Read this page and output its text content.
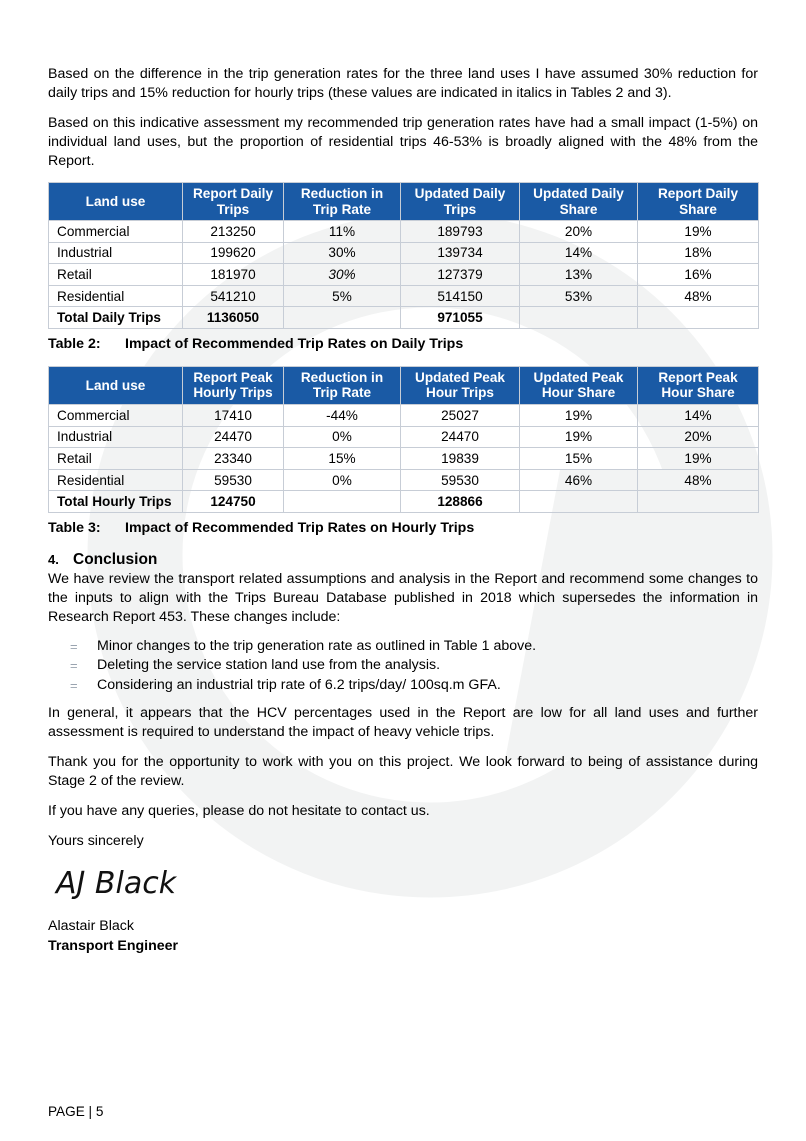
Based on the difference in the trip generation rates for the three land uses I have assumed 30% reduction for daily trips and 15% reduction for hourly trips (these values are indicated in italics in Tables 2 and 3).

Based on this indicative assessment my recommended trip generation rates have had a small impact (1-5%) on individual land uses, but the proportion of residential trips 46-53% is broadly aligned with the 48% from the Report.

Land use	Report Daily Trips	Reduction in Trip Rate	Updated Daily Trips	Updated Daily Share	Report Daily Share
Commercial	213250	11%	189793	20%	19%
Industrial	199620	30%	139734	14%	18%
Retail	181970	30%	127379	13%	16%
Residential	541210	5%	514150	53%	48%
Total Daily Trips	1136050		971055		
Table 2: Impact of Recommended Trip Rates on Daily Trips
Land use	Report Peak Hourly Trips	Reduction in Trip Rate	Updated Peak Hour Trips	Updated Peak Hour Share	Report Peak Hour Share
Commercial	17410	-44%	25027	19%	14%
Industrial	24470	0%	24470	19%	20%
Retail	23340	15%	19839	15%	19%
Residential	59530	0%	59530	46%	48%
Total Hourly Trips	124750		128866		
Table 3: Impact of Recommended Trip Rates on Hourly Trips
4. Conclusion

We have review the transport related assumptions and analysis in the Report and recommend some changes to the inputs to align with the Trips Bureau Database published in 2018 which supersedes the information in Research Report 453. These changes include:

= Minor changes to the trip generation rate as outlined in Table 1 above.
= Deleting the service station land use from the analysis.
= Considering an industrial trip rate of 6.2 trips/day/ 100sq.m GFA.

In general, it appears that the HCV percentages used in the Report are low for all land uses and further assessment is required to understand the impact of heavy vehicle trips.

Thank you for the opportunity to work with you on this project. We look forward to being of assistance during Stage 2 of the review.

If you have any queries, please do not hesitate to contact us.

Yours sincerely
AJ Black
Alastair Black
Transport Engineer
PAGE | 5
